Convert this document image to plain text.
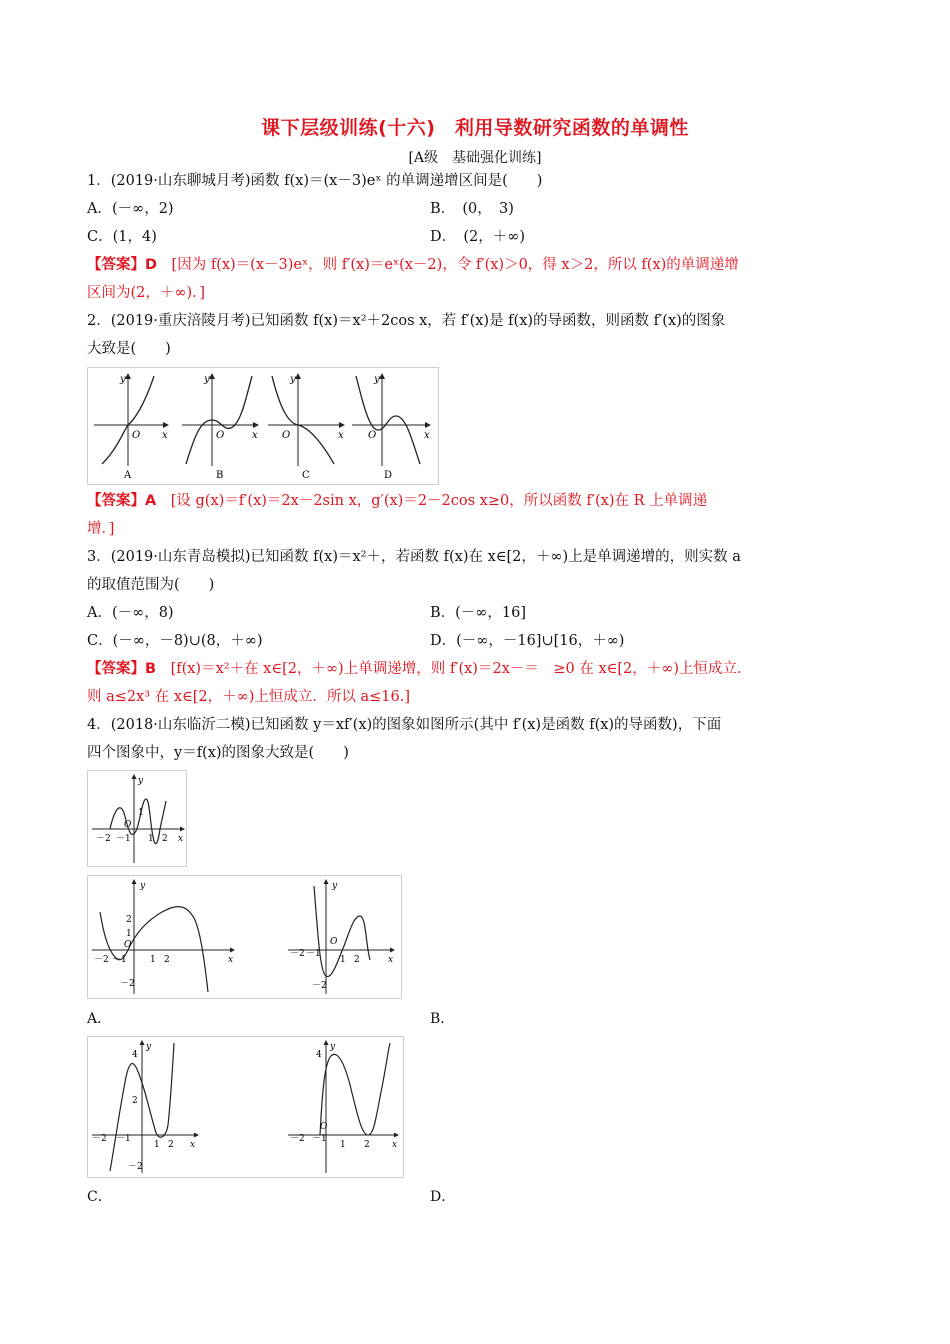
课下层级训练(十六)　利用导数研究函数的单调性
[A级　基础强化训练]
1．(2019·山东聊城月考)函数 f(x)＝(x－3)eˣ 的单调递增区间是(　　)
A．(－∞，2)	B．　(0，　3)
C．(1，4)	D．　(2，＋∞)
【答案】D　 [因为 f(x)＝(x－3)eˣ，则 f′(x)＝eˣ(x－2)，令 f′(x)＞0，得 x＞2，所以 f(x)的单调递增
区间为(2，＋∞)．]
2．(2019·重庆涪陵月考)已知函数 f(x)＝x²＋2cos x，若 f′(x)是 f(x)的导函数，则函数 f′(x)的图象
大致是(　　)
y
x
O
A
y
x
O
B
y
x
O
C
y
x
O
D
【答案】A　 [设 g(x)＝f′(x)＝2x－2sin x，g′(x)＝2－2cos x≥0，所以函数 f′(x)在 R 上单调递
增．]
3．(2019·山东青岛模拟)已知函数 f(x)＝x²＋，若函数 f(x)在 x∈[2，＋∞)上是单调递增的，则实数 a
的取值范围为(　　)
A．(－∞，8)	B．(－∞，16]
C．(－∞，－8)∪(8，＋∞)	D．(－∞，－16]∪[16，＋∞)
【答案】B　 [f(x)＝x²＋在 x∈[2，＋∞)上单调递增，则 f′(x)＝2x－＝　≥0 在 x∈[2，＋∞)上恒成立.
则 a≤2x³ 在 x∈[2，＋∞)上恒成立．所以 a≤16.]
4．(2018·山东临沂二模)已知函数 y＝xf′(x)的图象如图所示(其中 f′(x)是函数 f(x)的导函数)，下面
四个图象中，y＝f(x)的图象大致是(　　)
y
x
－2 －1 1 2
1
O
y
x
－2 －1	1 2
2
1
O
－2
y
x
－2 －1
1 2
O
－2
A．	B．
y
x
－2 －1
1 2
4
2
－2
y
x
－2 －1
1 2
4
O
C．	D．
